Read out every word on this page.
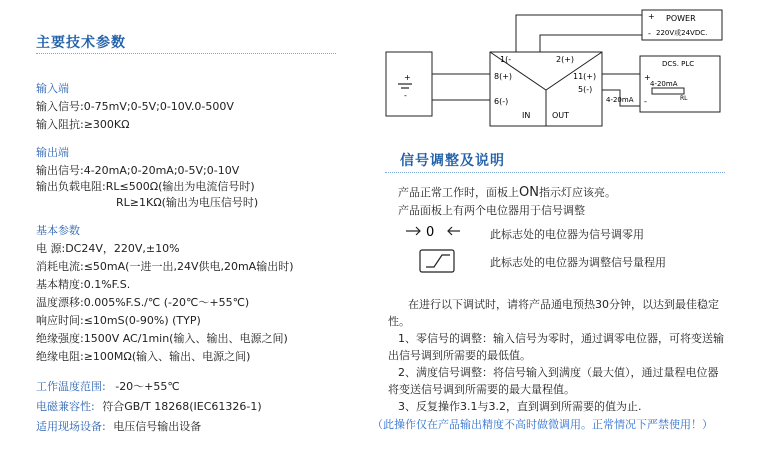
主要技术参数
输入端
输入信号:0-75mV;0-5V;0-10V.0-500V
输入阻抗:≥300KΩ
输出端
输出信号:4-20mA;0-20mA;0-5V;0-10V
输出负载电阻:RL≤500Ω(输出为电流信号时)
RL≥1KΩ(输出为电压信号时)
基本参数
电 源:DC24V，220V,±10%
消耗电流:≤50mA(一进一出,24V供电,20mA输出时)
基本精度:0.1%F.S.
温度漂移:0.005%F.S./℃ (-20℃～+55℃)
响应时间:≤10mS(0-90%) (TYP)
绝缘强度:1500V AC/1min(输入、输出、电源之间)
绝缘电阻:≥100MΩ(输入、输出、电源之间)
工作温度范围: -20～+55℃
电磁兼容性: 符合GB/T 18268(IEC61326-1)
适用现场设备: 电压信号输出设备
+
-
POWER
220V或24VDC.
1(-	2(+)
8(+)
6(-)
11(+)
5(-)
IN	OUT
+
-
DCS. PLC
+
-
4-20mA
RL
4-20mA
信号调整及说明
产品正常工作时，面板上ON指示灯应该亮。
产品面板上有两个电位器用于信号调整
0	此标志处的电位器为信号调零用
此标志处的电位器为调整信号量程用
在进行以下调试时，请将产品通电预热30分钟，以达到最佳稳定性。
1、零信号的调整：输入信号为零时，通过调零电位器，可将变送输出信号调到所需要的最低值。
2、满度信号调整：将信号输入到满度（最大值），通过量程电位器将变送信号调到所需要的最大量程值。
3、反复操作3.1与3.2，直到调到所需要的值为止.
（此操作仅在产品输出精度不高时做微调用。正常情况下严禁使用！）
